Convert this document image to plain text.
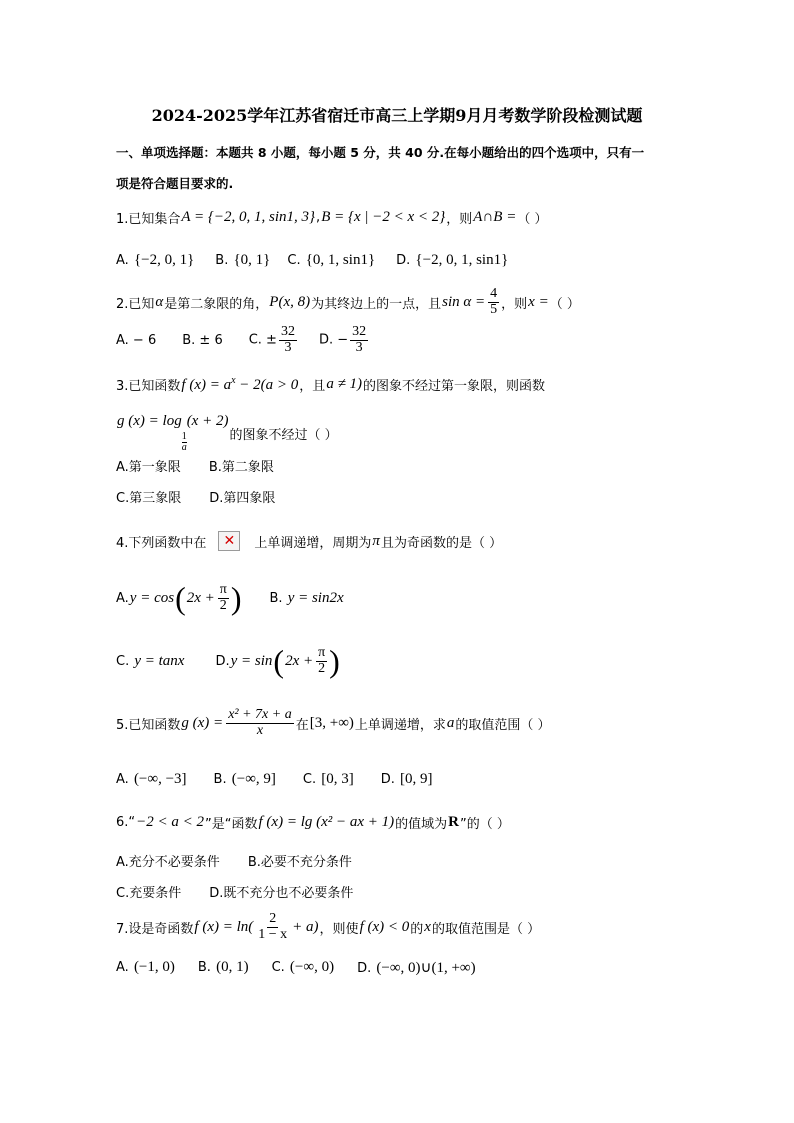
2024-2025学年江苏省宿迁市高三上学期9月月考数学阶段检测试题
一、单项选择题：本题共 8 小题，每小题 5 分，共 40 分.在每小题给出的四个选项中，只有一
项是符合题目要求的.
1.已知集合 A = {−2, 0, 1, sin1, 3} , B = {x | −2 < x < 2} ，则 A∩B = （ ）
A. {−2, 0, 1} B. {0, 1} C. {0, 1, sin1} D. {−2, 0, 1, sin1}
2.已知 α 是第二象限的角， P(x, 8) 为其终边上的一点，且 $\sin \alpha = \frac{4}{5}$ ，则 x = （ ）
A. − 6 B. ± 6 C. ± $\frac{32}{3} D$. − $\frac{32}{3}$
3.已知函数 f $(x) = a^x - 2(a > 0$ ，且 a ≠ 1) 的图象不经过第一象限，则函数
g (x) = log
$\frac{1}{a}$
(x + 2)
的图象不经过（ ）
A.第一象限 B.第二象限
C.第三象限 D.第四象限
4.下列函数中在 ✕	上单调递增，周期为 π 且为奇函数的是（ ）
A. y = cos ( $2x + \frac{\pi}{2}$ ) B. y = sin2x
C. y = tanx D. y = sin ( $2x + \frac{\pi}{2}$ )
5.已知函数 g $(x) = \frac{\text{x² + 7x + a}}{x}$ 在 [3, +∞) 上单调递增，求 a 的取值范围（ ）
A. (−∞, −3] B. (−∞, 9] C. [0, 3] D. [0, 9]
6.“ −2 < a < 2 ”是“函数 f (x) = lg (x² − ax + 1) 的值域为 R ”的（ ）
A.充分不必要条件 B.必要不充分条件
C.充要条件 D.既不充分也不必要条件
7.设是奇函数 f $(x) = \ln( \frac{2}{1 - x} + a)$ ，则使 f (x) < 0 的 x 的取值范围是（ ）
A. (−1, 0) B. (0, 1) C. (−∞, 0) D. (−∞, 0)∪(1, +∞)
